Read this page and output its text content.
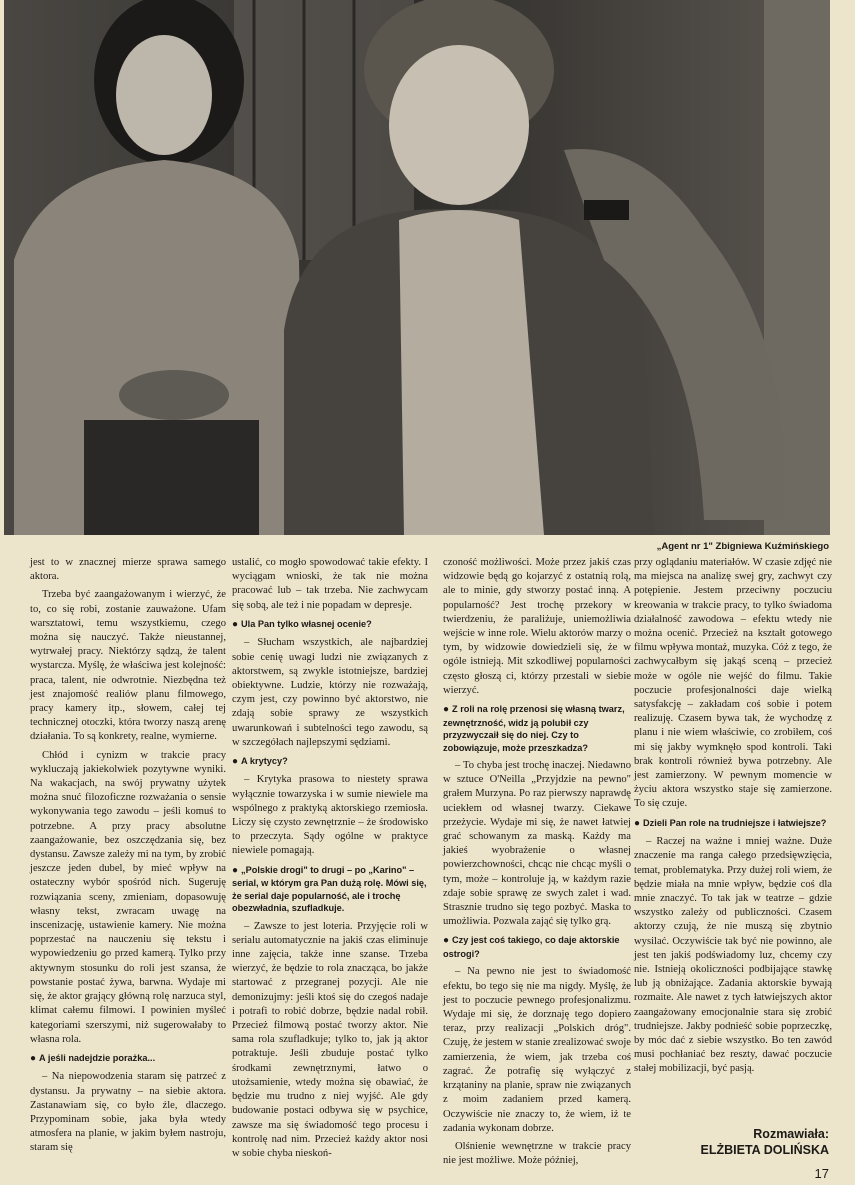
„Agent nr 1" Zbigniewa Kuźmińskiego

jest to w znacznej mierze sprawa samego aktora.

Trzeba być zaangażowanym i wierzyć, że to, co się robi, zostanie zauważone. Ufam warsztatowi, temu wszystkiemu, czego można się nauczyć. Także nieustannej, wytrwałej pracy. Niektórzy sądzą, że talent wystarcza. Myślę, że właściwa jest kolejność: praca, talent, nie odwrotnie. Niezbędna też jest znajomość realiów planu filmowego, pracy kamery itp., słowem, całej tej technicznej otoczki, która tworzy naszą arenę działania. To są konkrety, realne, wymierne.

Chłód i cynizm w trakcie pracy wykluczają jakiekolwiek pozytywne wyniki. Na wakacjach, na swój prywatny użytek można snuć filozoficzne rozważania o sensie wykonywania tego zawodu – jeśli komuś to potrzebne. A przy pracy absolutne zaangażowanie, bez oszczędzania się, bez dystansu. Zawsze zależy mi na tym, by zrobić jeszcze jeden dubel, by mieć wpływ na ostateczny wybór spośród nich. Sugeruję rozwiązania sceny, zmieniam, dopasowuję własny tekst, zwracam uwagę na inscenizację, ustawienie kamery. Nie można poprzestać na nauczeniu się tekstu i wypowiedzeniu go przed kamerą. Tylko przy aktywnym stosunku do roli jest szansa, że powstanie postać żywa, barwna. Wydaje mi się, że aktor grający główną rolę narzuca styl, klimat całemu filmowi. I powinien myśleć kategoriami szerszymi, niż sugerowałaby to własna rola.

● A jeśli nadejdzie porażka...

– Na niepowodzenia staram się patrzeć z dystansu. Ja prywatny – na siebie aktora. Zastanawiam się, co było źle, dlaczego. Przypominam sobie, jaka była wtedy atmosfera na planie, w jakim byłem nastroju, staram się

ustalić, co mogło spowodować takie efekty. I wyciągam wnioski, że tak nie można pracować lub – tak trzeba. Nie zachwycam się sobą, ale też i nie popadam w depresje.

● Ula Pan tylko własnej ocenie?

– Słucham wszystkich, ale najbardziej sobie cenię uwagi ludzi nie związanych z aktorstwem, są zwykle istotniejsze, bardziej obiektywne. Ludzie, którzy nie rozważają, czym jest, czy powinno być aktorstwo, nie zdają sobie sprawy ze wszystkich uwarunkowań i subtelności tego zawodu, są w szczegółach najlepszymi sędziami.

● A krytycy?

– Krytyka prasowa to niestety sprawa wyłącznie towarzyska i w sumie niewiele ma wspólnego z praktyką aktorskiego rzemiosła. Liczy się czysto zewnętrznie – że środowisko to przeczyta. Sądy ogólne w praktyce niewiele pomagają.

● „Polskie drogi" to drugi – po „Karino" – serial, w którym gra Pan dużą rolę. Mówi się, że serial daje popularność, ale i trochę obezwładnia, szufladkuje.

– Zawsze to jest loteria. Przyjęcie roli w serialu automatycznie na jakiś czas eliminuje inne zajęcia, także inne szanse. Trzeba wierzyć, że będzie to rola znacząca, bo jakże startować z przegranej pozycji. Ale nie demonizujmy: jeśli ktoś się do czegoś nadaje i potrafi to robić dobrze, będzie nadal robił. Przecież filmową postać tworzy aktor. Nie sama rola szufladkuje; tylko to, jak ją aktor potraktuje. Jeśli zbuduje postać tylko środkami zewnętrznymi, łatwo o utożsamienie, wtedy można się obawiać, że będzie mu trudno z niej wyjść. Ale gdy budowanie postaci odbywa się w psychice, zawsze ma się świadomość tego procesu i kontrolę nad nim. Przecież każdy aktor nosi w sobie chyba nieskoń-

czoność możliwości. Może przez jakiś czas widzowie będą go kojarzyć z ostatnią rolą, ale to minie, gdy stworzy postać inną. A popularność? Jest trochę przekory w twierdzeniu, że paraliżuje, uniemożliwia wejście w inne role. Wielu aktorów marzy o tym, by widzowie dowiedzieli się, że w ogóle istnieją. Mit szkodliwej popularności często głoszą ci, którzy przestali w siebie wierzyć.

● Z roli na rolę przenosi się własną twarz, zewnętrzność, widz ją polubił czy przyzwyczaił się do niej. Czy to zobowiązuje, może przeszkadza?

– To chyba jest trochę inaczej. Niedawno w sztuce O'Neilla „Przyjdzie na pewno" grałem Murzyna. Po raz pierwszy naprawdę uciekłem od własnej twarzy. Ciekawe przeżycie. Wydaje mi się, że nawet łatwiej grać schowanym za maską. Każdy ma jakieś wyobrażenie o własnej powierzchowności, chcąc nie chcąc myśli o tym, może – kontroluje ją, w każdym razie zdaje sobie sprawę ze swych zalet i wad. Strasznie trudno się tego pozbyć. Maska to umożliwia. Pozwala zająć się tylko grą.

● Czy jest coś takiego, co daje aktorskie ostrogi?

– Na pewno nie jest to świadomość efektu, bo tego się nie ma nigdy. Myślę, że jest to poczucie pewnego profesjonalizmu. Wydaje mi się, że dorznaję tego dopiero teraz, przy realizacji „Polskich dróg". Czuję, że jestem w stanie zrealizować swoje zamierzenia, że wiem, jak trzeba coś zagrać. Że potrafię się wyłączyć z krzątaniny na planie, spraw nie związanych z moim zadaniem przed kamerą. Oczywiście nie znaczy to, że wiem, iż te zadania wykonam dobrze.

Olśnienie wewnętrzne w trakcie pracy nie jest możliwe. Może później,

przy oglądaniu materiałów. W czasie zdjęć nie ma miejsca na analizę swej gry, zachwyt czy potępienie. Jestem przeciwny poczuciu kreowania w trakcie pracy, to tylko świadoma działalność zawodowa – efektu wtedy nie można ocenić. Przecież na kształt gotowego filmu wpływa montaż, muzyka. Cóż z tego, że zachwycałbym się jakąś sceną – przecież może w ogóle nie wejść do filmu. Takie poczucie profesjonalności daje wielką satysfakcję – zakładam coś sobie i potem realizuję. Czasem bywa tak, że wychodzę z planu i nie wiem właściwie, co zrobiłem, coś mi się jakby wymknęło spod kontroli. Taki brak kontroli również bywa potrzebny. Ale jest zamierzony. W pewnym momencie w życiu aktora wszystko staje się zamierzone. To się czuje.

● Dzieli Pan role na trudniejsze i łatwiejsze?

– Raczej na ważne i mniej ważne. Duże znaczenie ma ranga całego przedsięwzięcia, temat, problematyka. Przy dużej roli wiem, że będzie miała na mnie wpływ, będzie coś dla mnie znaczyć. To tak jak w teatrze – gdzie wszystko zależy od publiczności. Czasem aktorzy czują, że nie muszą się zbytnio wysilać. Oczywiście tak być nie powinno, ale jest ten jakiś podświadomy luz, chcemy czy nie. Istnieją okoliczności podbijające stawkę lub ją obniżające. Zadania aktorskie bywają rozmaite. Ale nawet z tych łatwiejszych aktor zaangażowany emocjonalnie stara się zrobić trudniejsze. Jakby podnieść sobie poprzeczkę, by móc dać z siebie wszystko. Bo ten zawód musi pochłaniać bez reszty, dawać poczucie stałej mobilizacji, być pasją.

Rozmawiała:
ELŻBIETA DOLIŃSKA
17
